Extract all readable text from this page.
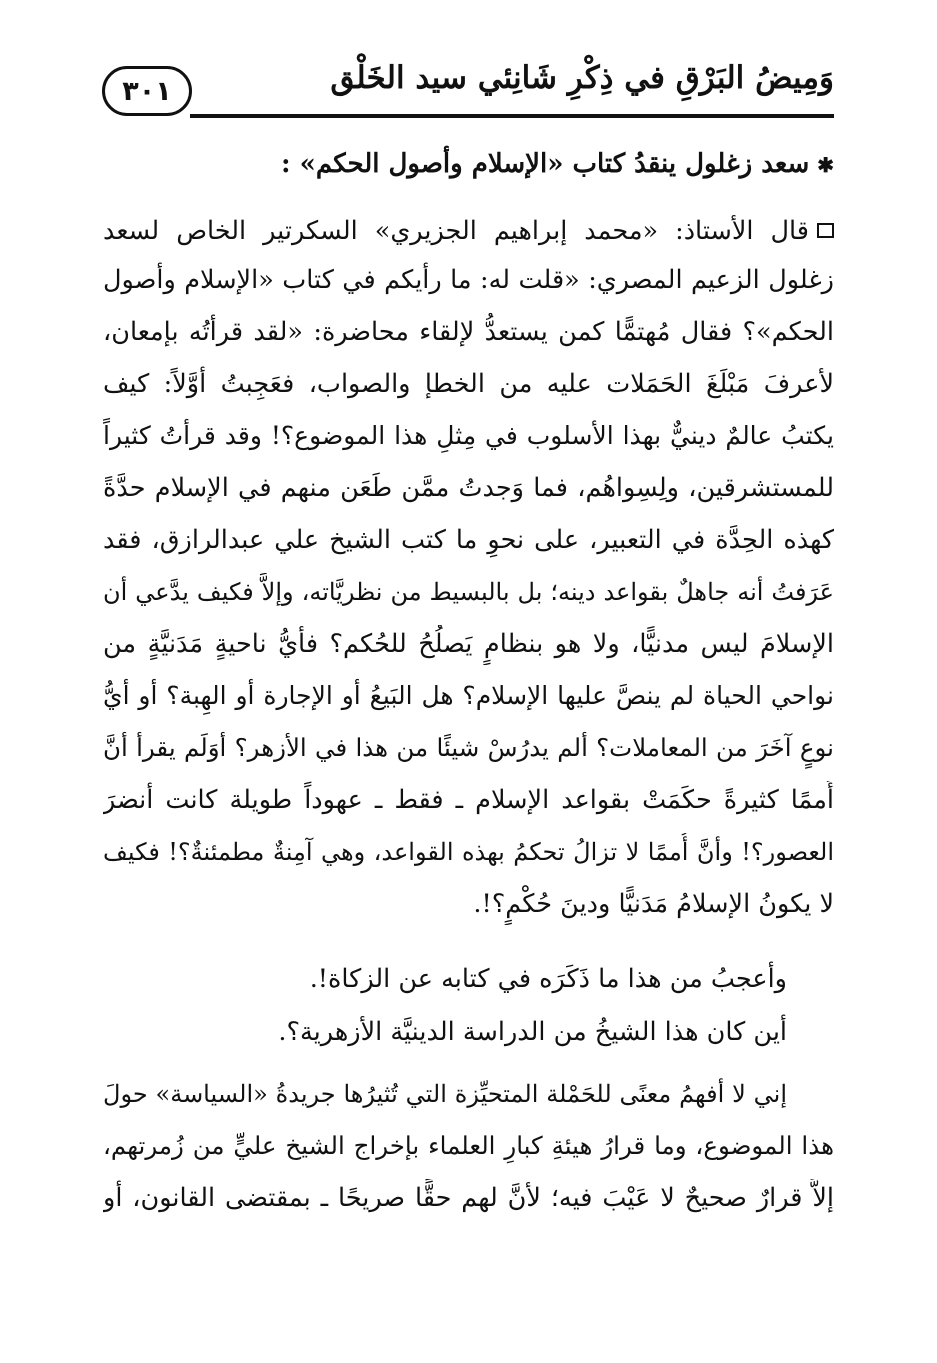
٣٠١	وَمِيضُ البَرْقِ في ذِكْرِ شَانِئي سيد الخَلْق
✱سعد زغلول ينقدُ كتاب «الإسلام وأصول الحكم» :
قال الأستاذ: «محمد إبراهيم الجزيري» السكرتير الخاص لسعد
زغلول الزعيم المصري: «قلت له: ما رأيكم في كتاب «الإسلام وأصول
الحكم»؟ فقال مُهتمًّا كمن يستعدُّ لإلقاء محاضرة: «لقد قرأتُه بإمعان،
لأعرفَ مَبْلَغَ الحَمَلات عليه من الخطإ والصواب، فعَجِبتُ أوَّلاً: كيف
يكتبُ عالمٌ دينيٌّ بهذا الأسلوب في مِثلِ هذا الموضوع؟! وقد قرأتُ كثيراً
للمستشرقين، ولِسِواهُم، فما وَجدتُ ممَّن طَعَن منهم في الإسلام حدَّةً
كهذه الحِدَّة في التعبير، على نحوِ ما كتب الشيخ علي عبدالرازق، فقد
عَرَفتُ أنه جاهلٌ بقواعد دينه؛ بل بالبسيط من نظريَّاته، وإلاَّ فكيف يدَّعي أن
الإسلامَ ليس مدنيًّا، ولا هو بنظامٍ يَصلُحُ للحُكم؟ فأيُّ ناحيةٍ مَدَنيَّةٍ من
نواحي الحياة لم ينصَّ عليها الإسلام؟ هل البَيعُ أو الإجارة أو الهِبة؟ أو أيُّ
نوعٍ آخَرَ من المعاملات؟ ألم يدرُسْ شيئًا من هذا في الأزهر؟ أوَلَم يقرأ أنَّ
أُممًا كثيرةً حكَمَتْ بقواعد الإسلام ـ فقط ـ عهوداً طويلة كانت أنضرَ
العصور؟! وأنَّ أُممًا لا تزالُ تحكمُ بهذه القواعد، وهي آمِنةٌ مطمئنةٌ؟! فكيف
لا يكونُ الإسلامُ مَدَنيًّا ودينَ حُكْمٍ؟!.
وأعجبُ من هذا ما ذَكَرَه في كتابه عن الزكاة!.
أين كان هذا الشيخُ من الدراسة الدينيَّة الأزهرية؟.
إني لا أفهمُ معنًى للحَمْلة المتحيِّزة التي تُثيرُها جريدةُ «السياسة» حولَ
هذا الموضوع، وما قرارُ هيئةِ كبارِ العلماء بإخراج الشيخ عليٍّ من زُمرتهم،
إلاَّ قرارٌ صحيحٌ لا عَيْبَ فيه؛ لأنَّ لهم حقًّا صريحًا ـ بمقتضى القانون، أو
